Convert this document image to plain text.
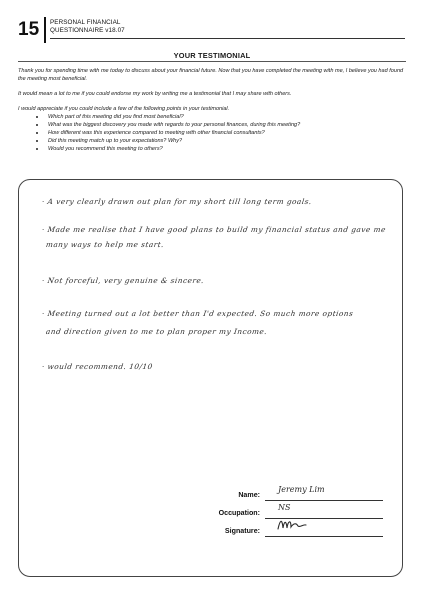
15 PERSONAL FINANCIAL
QUESTIONNAIRE v18.07
YOUR TESTIMONIAL

Thank you for spending time with me today to discuss about your financial future. Now that you have completed the meeting with me, I believe you had found the meeting most beneficial.

It would mean a lot to me if you could endorse my work by writing me a testimonial that I may share with others.

I would appreciate if you could include a few of the following points in your testimonial.

Which part of this meeting did you find most beneficial?
What was the biggest discovery you made with regards to your personal finances, during this meeting?
How different was this experience compared to meeting with other financial consultants?
Did this meeting match up to your expectations? Why?
Would you recommend this meeting to others?
· A very clearly drawn out plan for my short till long term goals.
· Made me realise that I have good plans to build my financial status and gave me
many ways to help me start.
· Not forceful, very genuine & sincere.
· Meeting turned out a lot better than I'd expected. So much more options
and direction given to me to plan proper my Income.
· would recommend. 10/10
Name:
Jeremy Lim
Occupation:
NS
Signature:
